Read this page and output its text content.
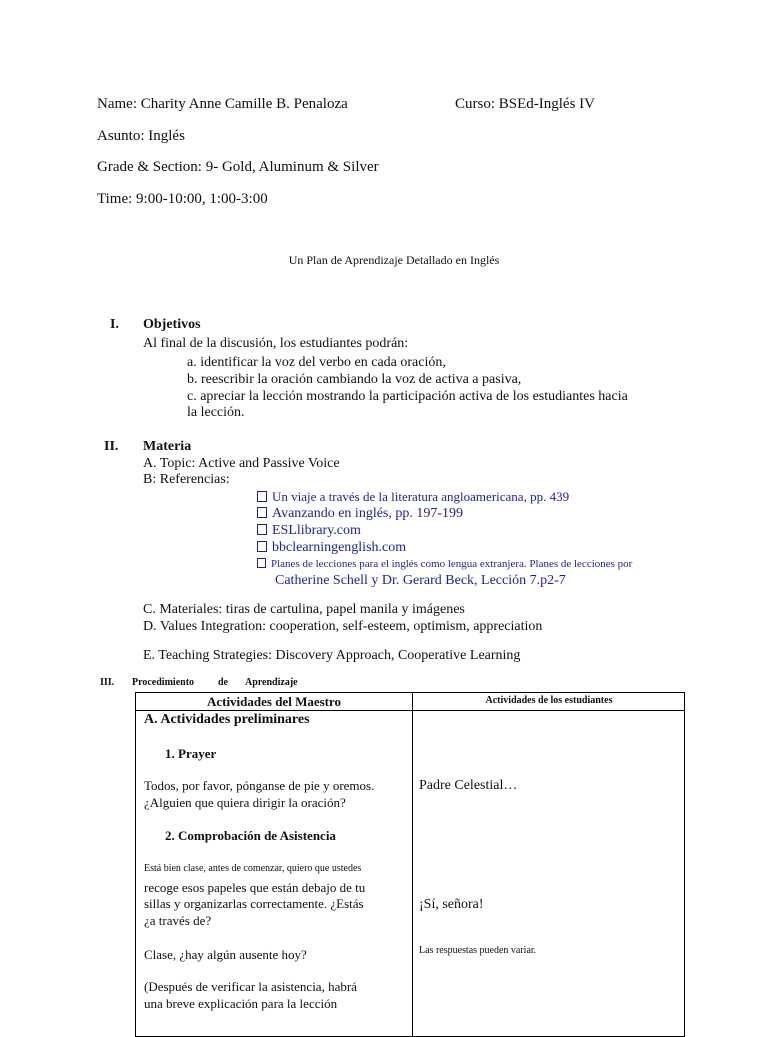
Name: Charity Anne Camille B. Penaloza	Curso: BSEd-Inglés IV
Asunto: Inglés
Grade & Section: 9- Gold, Aluminum & Silver
Time: 9:00-10:00, 1:00-3:00
Un Plan de Aprendizaje Detallado en Inglés
I. Objetivos
Al final de la discusión, los estudiantes podrán:
a. identificar la voz del verbo en cada oración,
b. reescribir la oración cambiando la voz de activa a pasiva,
c. apreciar la lección mostrando la participación activa de los estudiantes hacia
la lección.
II. Materia
A. Topic: Active and Passive Voice
B: Referencias:
Un viaje a través de la literatura angloamericana, pp. 439
Avanzando en inglés, pp. 197-199
ESLlibrary.com
bbclearningenglish.com
Planes de lecciones para el inglés como lengua extranjera. Planes de lecciones por
Catherine Schell y Dr. Gerard Beck, Lección 7.p2-7
C. Materiales: tiras de cartulina, papel manila y imágenes
D. Values Integration: cooperation, self-esteem, optimism, appreciation
E. Teaching Strategies: Discovery Approach, Cooperative Learning
III. Procedimiento de Aprendizaje
Actividades del Maestro	Actividades de los estudiantes
A. Actividades preliminares
1. Prayer
Todos, por favor, pónganse de pie y oremos.
¿Alguien que quiera dirigir la oración?
2. Comprobación de Asistencia
Está bien clase, antes de comenzar, quiero que ustedes
recoge esos papeles que están debajo de tu
sillas y organizarlas correctamente. ¿Estás
¿a través de?
Clase, ¿hay algún ausente hoy?
(Después de verificar la asistencia, habrá
una breve explicación para la lección
Padre Celestial…
¡Sí, señora!
Las respuestas pueden variar.
